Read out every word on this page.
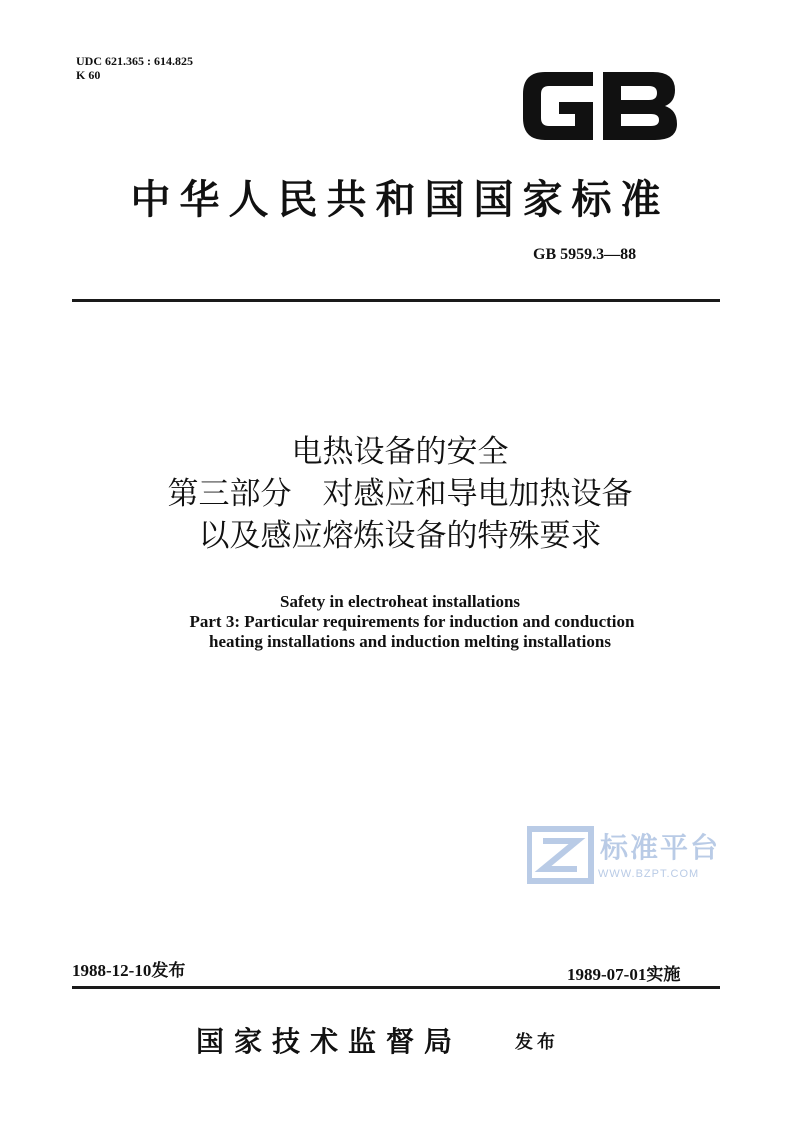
UDC 621.365 : 614.825
K 60
中华人民共和国国家标准
GB 5959.3—88
电热设备的安全
第三部分　对感应和导电加热设备
以及感应熔炼设备的特殊要求
Safety in electroheat installations
Part 3: Particular requirements for induction and conduction
heating installations and induction melting installations
标准平台
WWW.BZPT.COM
1988-12-10发布	1989-07-01实施
国家技术监督局	发布
